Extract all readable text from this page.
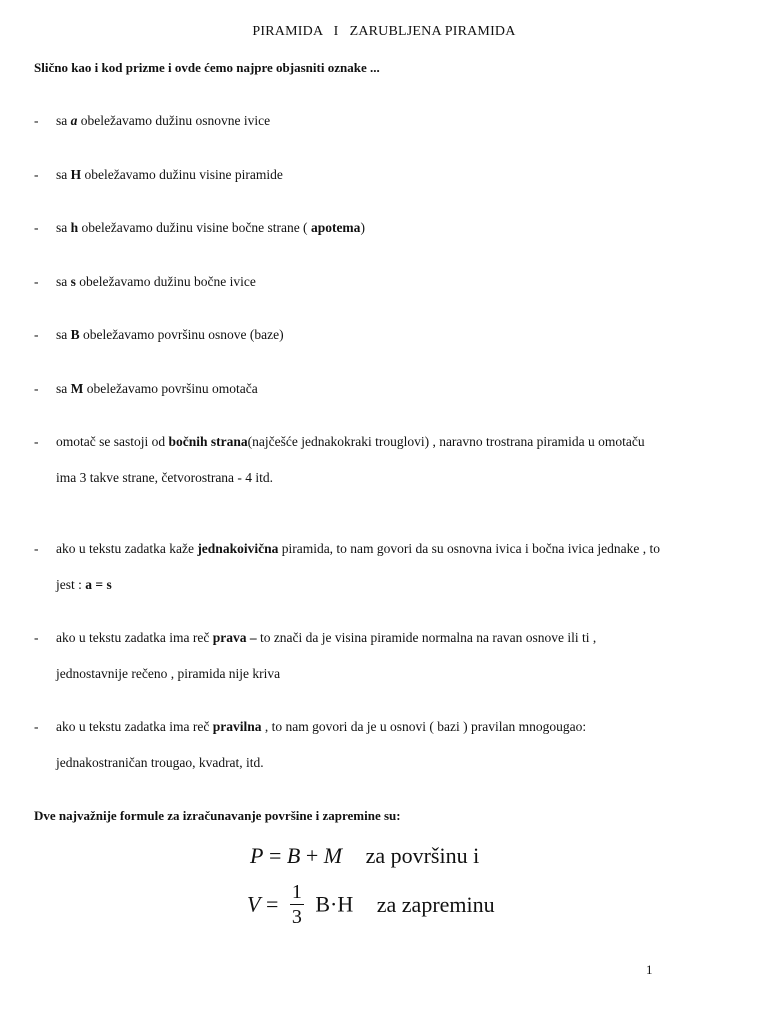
PIRAMIDA I ZARUBLJENA PIRAMIDA
Slično kao i kod prizme i ovde ćemo najpre objasniti oznake ...
- sa a obeležavamo dužinu osnovne ivice
- sa H obeležavamo dužinu visine piramide
- sa h obeležavamo dužinu visine bočne strane ( apotema)
- sa s obeležavamo dužinu bočne ivice
- sa B obeležavamo površinu osnove (baze)
- sa M obeležavamo površinu omotača
- omotač se sastoji od bočnih strana(najčešće jednakokraki trouglovi) , naravno trostrana piramida u omotaču
ima 3 takve strane, četvorostrana - 4 itd.
- ako u tekstu zadatka kaže jednakoivična piramida, to nam govori da su osnovna ivica i bočna ivica jednake , to
jest : a = s
- ako u tekstu zadatka ima reč prava – to znači da je visina piramide normalna na ravan osnove ili ti ,
jednostavnije rečeno , piramida nije kriva
- ako u tekstu zadatka ima reč pravilna , to nam govori da je u osnovi ( bazi ) pravilan mnogougao:
jednakostraničan trougao, kvadrat, itd.
Dve najvažnije formule za izračunavanje površine i zapremine su:
P = B + M za površinu i
$V = \frac{1}{3} B\cdot H$ za zapreminu
1
